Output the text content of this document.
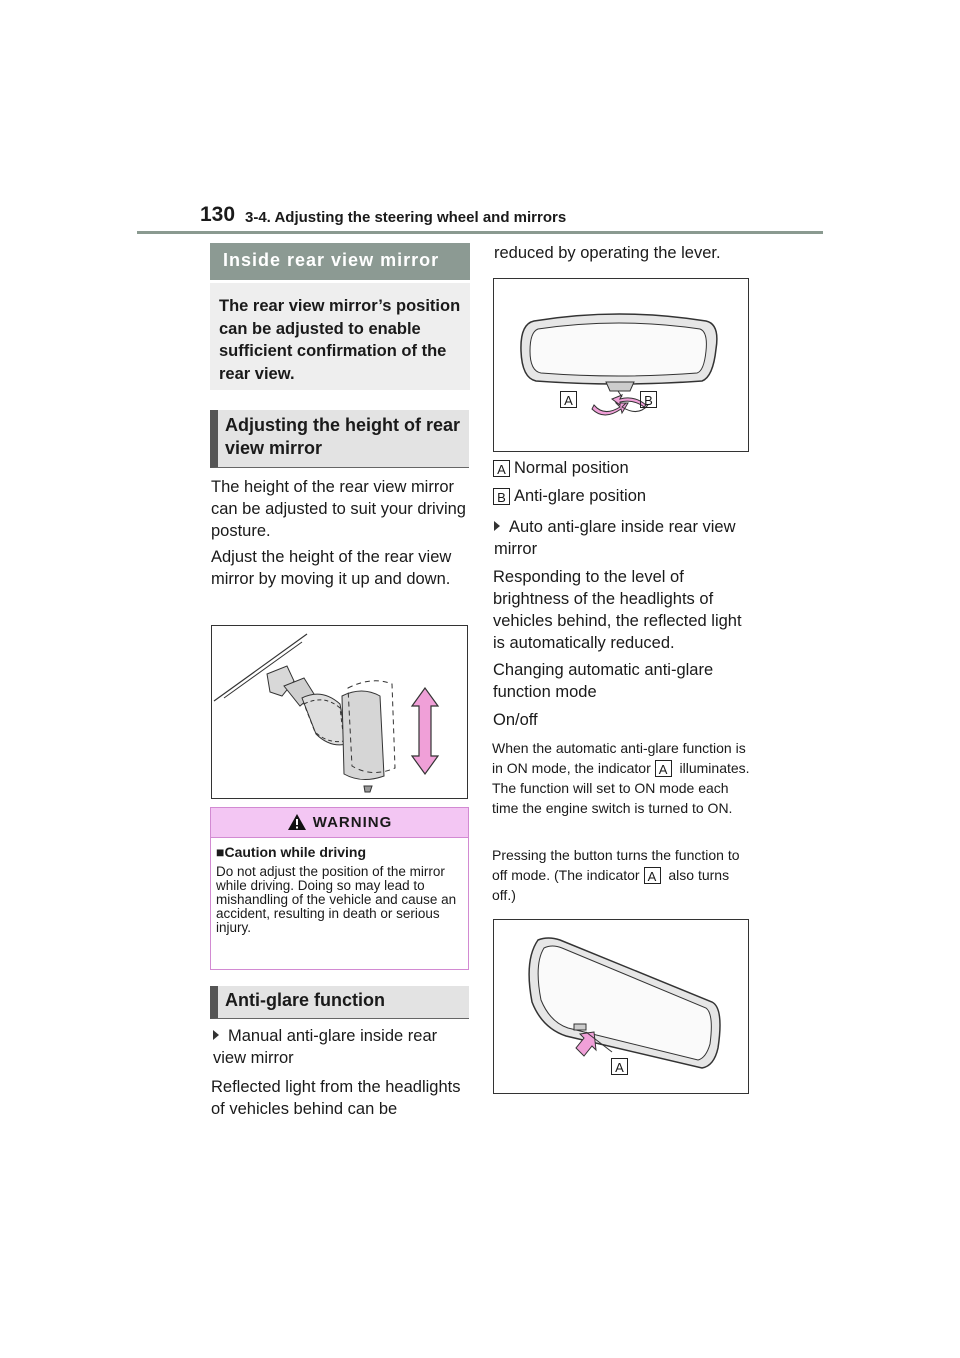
130 3-4. Adjusting the steering wheel and mirrors
Inside rear view mirror
The rear view mirror’s position can be adjusted to enable sufficient confirmation of the rear view.
Adjusting the height of rear view mirror
The height of the rear view mirror can be adjusted to suit your driving posture.
Adjust the height of the rear view mirror by moving it up and down.
WARNING
■Caution while driving
Do not adjust the position of the mirror while driving. Doing so may lead to mishandling of the vehicle and cause an accident, resulting in death or serious injury.
Anti-glare function
Manual anti-glare inside rear view mirror
Reflected light from the headlights of vehicles behind can be
reduced by operating the lever.
A	B
A Normal position
B Anti-glare position
Auto anti-glare inside rear view mirror
Responding to the level of brightness of the headlights of vehicles behind, the reflected light is automatically reduced.
Changing automatic anti-glare function mode
On/off
When the automatic anti-glare function is in ON mode, the indicator A illuminates. The function will set to ON mode each time the engine switch is turned to ON.
Pressing the button turns the function to off mode. (The indicator A also turns off.)
A
